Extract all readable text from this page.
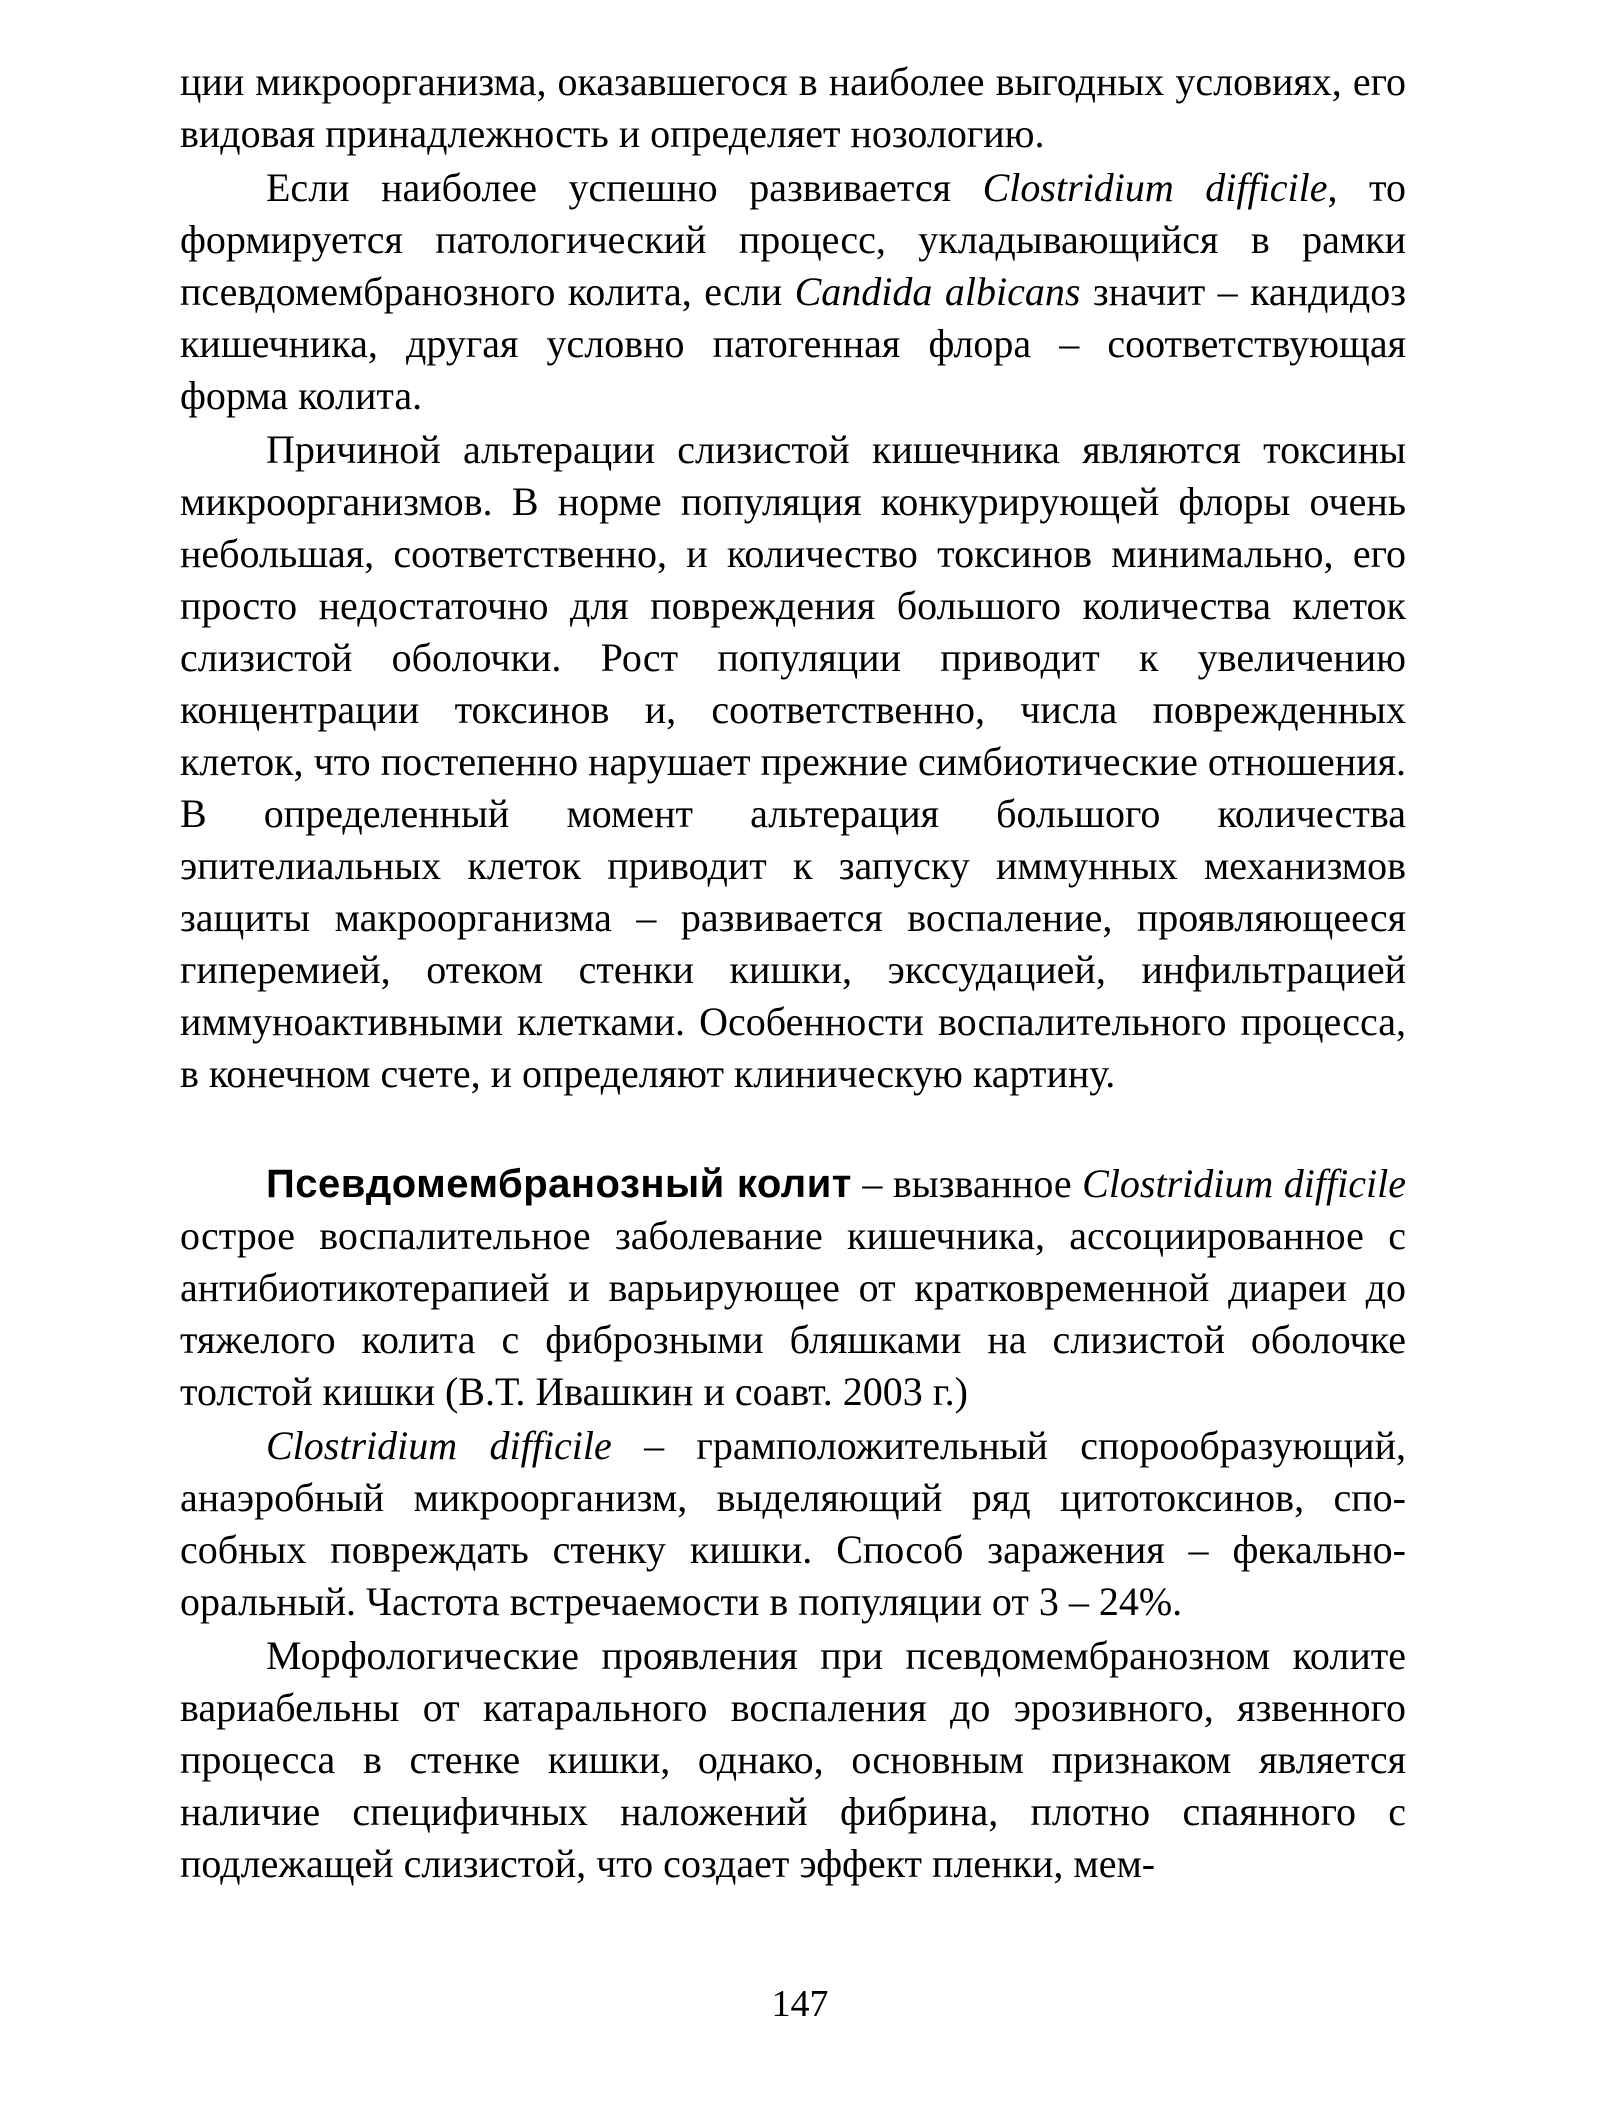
ции микроорганизма, оказавшегося в наиболее выгодных условиях, его видовая принадлежность и определяет нозологию.

Если наиболее успешно развивается Clostridium difficile, то формируется патологический процесс, укладывающийся в рамки псевдомембранозного колита, если Candida albicans значит – кандидоз кишечника, другая условно патогенная флора – соответствующая форма колита.

Причиной альтерации слизистой кишечника являются токсины микроорганизмов. В норме популяция конкурирующей флоры очень небольшая, соответственно, и количество токсинов минимально, его просто недостаточно для повреждения большого количества клеток слизистой оболочки. Рост популяции приводит к увеличению концентрации токсинов и, соответственно, числа поврежденных клеток, что постепенно нарушает прежние симбиотические отношения. В определенный момент альтерация большого количества эпителиальных клеток приводит к запуску иммунных механизмов защиты макроорганизма – развивается воспаление, проявляющееся гиперемией, отеком стенки кишки, экссудацией, инфильтрацией иммуноактивными клетками. Особенности воспалительного процесса, в конечном счете, и определяют клиническую картину.

Псевдомембранозный колит – вызванное Clostridium difficile острое воспалительное заболевание кишечника, ассоциированное с антибиотикотерапией и варьирующее от кратковременной диареи до тяжелого колита с фиброзными бляшками на слизистой оболочке толстой кишки (В.Т. Ивашкин и соавт. 2003 г.)

Clostridium difficile – грамположительный спорообразующий, анаэробный микроорганизм, выделяющий ряд цитотоксинов, способных повреждать стенку кишки. Способ заражения – фекально-оральный. Частота встречаемости в популяции от 3 – 24%.

Морфологические проявления при псевдомембранозном колите вариабельны от катарального воспаления до эрозивного, язвенного процесса в стенке кишки, однако, основным признаком является наличие специфичных наложений фибрина, плотно спаянного с подлежащей слизистой, что создает эффект пленки, мем-

147
